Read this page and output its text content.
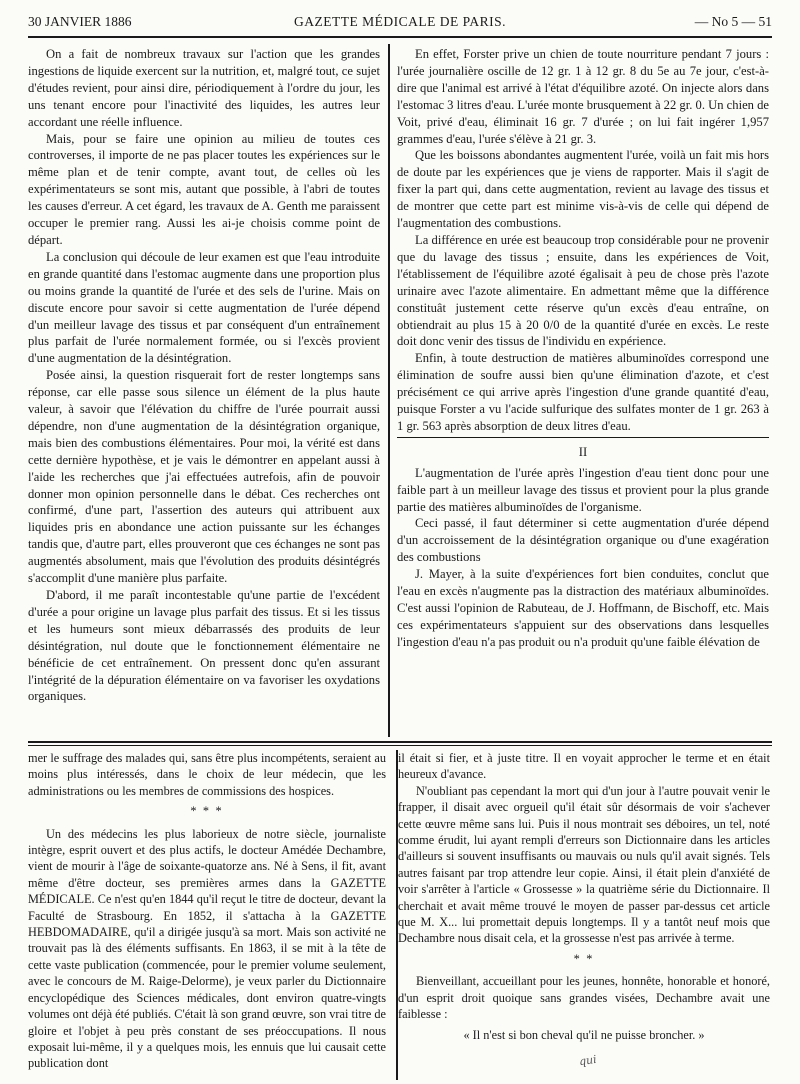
30 JANVIER 1886	GAZETTE MÉDICALE DE PARIS.	— No 5 — 51

On a fait de nombreux travaux sur l'action que les grandes ingestions de liquide exercent sur la nutrition, et, malgré tout, ce sujet d'études revient, pour ainsi dire, périodiquement à l'ordre du jour, les uns tenant encore pour l'inactivité des liquides, les autres leur accordant une réelle influence.

Mais, pour se faire une opinion au milieu de toutes ces controverses, il importe de ne pas placer toutes les expériences sur le même plan et de tenir compte, avant tout, de celles où les expérimentateurs se sont mis, autant que possible, à l'abri de toutes les causes d'erreur. A cet égard, les travaux de A. Genth me paraissent occuper le premier rang. Aussi les ai-je choisis comme point de départ.

La conclusion qui découle de leur examen est que l'eau introduite en grande quantité dans l'estomac augmente dans une proportion plus ou moins grande la quantité de l'urée et des sels de l'urine. Mais on discute encore pour savoir si cette augmentation de l'urée dépend d'un meilleur lavage des tissus et par conséquent d'un entraînement plus parfait de l'urée normalement formée, ou si l'excès provient d'une augmentation de la désintégration.

Posée ainsi, la question risquerait fort de rester longtemps sans réponse, car elle passe sous silence un élément de la plus haute valeur, à savoir que l'élévation du chiffre de l'urée pourrait aussi dépendre, non d'une augmentation de la désintégration organique, mais bien des combustions élémentaires. Pour moi, la vérité est dans cette dernière hypothèse, et je vais le démontrer en appelant aussi à l'aide les recherches que j'ai effectuées autrefois, afin de pouvoir donner mon opinion personnelle dans le débat. Ces recherches ont confirmé, d'une part, l'assertion des auteurs qui attribuent aux liquides pris en abondance une action puissante sur les échanges tandis que, d'autre part, elles prouveront que ces échanges ne sont pas augmentés absolument, mais que l'évolution des produits désintégrés s'accomplit d'une manière plus parfaite.

D'abord, il me paraît incontestable qu'une partie de l'excédent d'urée a pour origine un lavage plus parfait des tissus. Et si les tissus et les humeurs sont mieux débarrassés des produits de leur désintégration, nul doute que le fonctionnement élémentaire ne bénéficie de cet entraînement. On pressent donc qu'en assurant l'intégrité de la dépuration élémentaire on va favoriser les oxydations organiques.

En effet, Forster prive un chien de toute nourriture pendant 7 jours : l'urée journalière oscille de 12 gr. 1 à 12 gr. 8 du 5e au 7e jour, c'est-à-dire que l'animal est arrivé à l'état d'équilibre azoté. On injecte alors dans l'estomac 3 litres d'eau. L'urée monte brusquement à 22 gr. 0. Un chien de Voit, privé d'eau, éliminait 16 gr. 7 d'urée ; on lui fait ingérer 1,957 grammes d'eau, l'urée s'élève à 21 gr. 3.

Que les boissons abondantes augmentent l'urée, voilà un fait mis hors de doute par les expériences que je viens de rapporter. Mais il s'agit de fixer la part qui, dans cette augmentation, revient au lavage des tissus et de montrer que cette part est minime vis-à-vis de celle qui dépend de l'augmentation des combustions.

La différence en urée est beaucoup trop considérable pour ne provenir que du lavage des tissus ; ensuite, dans les expériences de Voit, l'établissement de l'équilibre azoté égalisait à peu de chose près l'azote urinaire avec l'azote alimentaire. En admettant même que la différence constituât justement cette réserve qu'un excès d'eau entraîne, on obtiendrait au plus 15 à 20 0/0 de la quantité d'urée en excès. Le reste doit donc venir des tissus de l'individu en expérience.

Enfin, à toute destruction de matières albuminoïdes correspond une élimination de soufre aussi bien qu'une élimination d'azote, et c'est précisément ce qui arrive après l'ingestion d'une grande quantité d'eau, puisque Forster a vu l'acide sulfurique des sulfates monter de 1 gr. 263 à 1 gr. 563 après absorption de deux litres d'eau.

II

L'augmentation de l'urée après l'ingestion d'eau tient donc pour une faible part à un meilleur lavage des tissus et provient pour la plus grande partie des matières albuminoïdes de l'organisme.

Ceci passé, il faut déterminer si cette augmentation d'urée dépend d'un accroissement de la désintégration organique ou d'une exagération des combustions

J. Mayer, à la suite d'expériences fort bien conduites, conclut que l'eau en excès n'augmente pas la distraction des matériaux albuminoïdes. C'est aussi l'opinion de Rabuteau, de J. Hoffmann, de Bischoff, etc. Mais ces expérimentateurs s'appuient sur des observations dans lesquelles l'ingestion d'eau n'a pas produit ou n'a produit qu'une faible élévation de

mer le suffrage des malades qui, sans être plus incompétents, seraient au moins plus intéressés, dans le choix de leur médecin, que les administrations ou les membres de commissions des hospices.

* * *

Un des médecins les plus laborieux de notre siècle, journaliste intègre, esprit ouvert et des plus actifs, le docteur Amédée Dechambre, vient de mourir à l'âge de soixante-quatorze ans. Né à Sens, il fit, avant même d'être docteur, ses premières armes dans la GAZETTE MÉDICALE. Ce n'est qu'en 1844 qu'il reçut le titre de docteur, devant la Faculté de Strasbourg. En 1852, il s'attacha à la GAZETTE HEBDOMADAIRE, qu'il a dirigée jusqu'à sa mort. Mais son activité ne trouvait pas là des éléments suffisants. En 1863, il se mit à la tête de cette vaste publication (commencée, pour le premier volume seulement, avec le concours de M. Raige-Delorme), je veux parler du Dictionnaire encyclopédique des Sciences médicales, dont environ quatre-vingts volumes ont déjà été publiés. C'était là son grand œuvre, son vrai titre de gloire et l'objet à peu près constant de ses préoccupations. Il nous exposait lui-même, il y a quelques mois, les ennuis que lui causait cette publication dont

il était si fier, et à juste titre. Il en voyait approcher le terme et en était heureux d'avance.

N'oubliant pas cependant la mort qui d'un jour à l'autre pouvait venir le frapper, il disait avec orgueil qu'il était sûr désormais de voir s'achever cette œuvre même sans lui. Puis il nous montrait ses déboires, un tel, noté comme érudit, lui ayant rempli d'erreurs son Dictionnaire dans les articles d'ailleurs si souvent insuffisants ou mauvais ou nuls qu'il avait signés. Tels autres faisant par trop attendre leur copie. Ainsi, il était plein d'anxiété de voir s'arrêter à l'article « Grossesse » la quatrième série du Dictionnaire. Il cherchait et avait même trouvé le moyen de passer par-dessus cet article que M. X... lui promettait depuis longtemps. Il y a tantôt neuf mois que Dechambre nous disait cela, et la grossesse n'est pas arrivée à terme.

* *

Bienveillant, accueillant pour les jeunes, honnête, honorable et honoré, d'un esprit droit quoique sans grandes visées, Dechambre avait une faiblesse :

« Il n'est si bon cheval qu'il ne puisse broncher. »

qui
